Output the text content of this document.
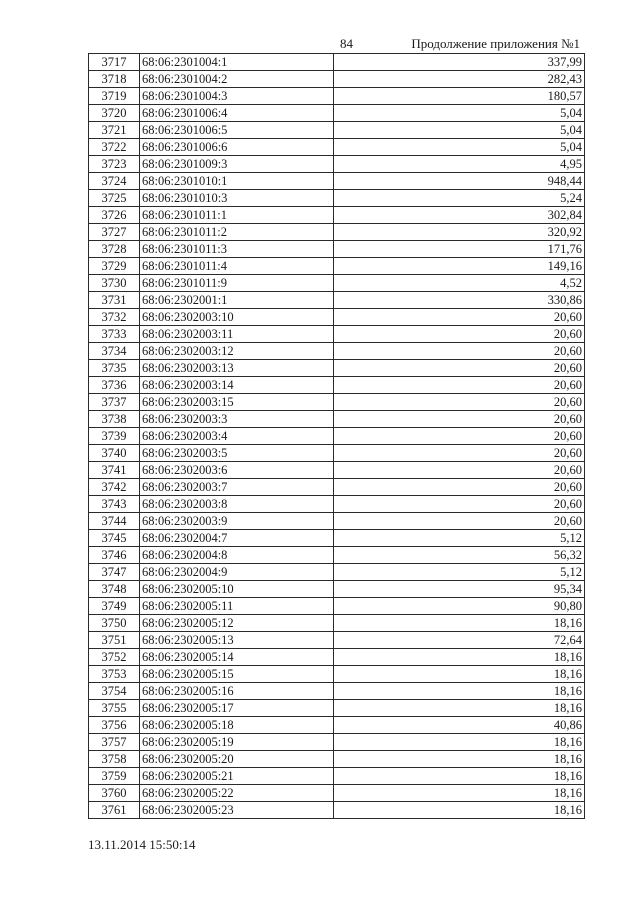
84	Продолжение приложения №1
3717	68:06:2301004:1	337,99
3718	68:06:2301004:2	282,43
3719	68:06:2301004:3	180,57
3720	68:06:2301006:4	5,04
3721	68:06:2301006:5	5,04
3722	68:06:2301006:6	5,04
3723	68:06:2301009:3	4,95
3724	68:06:2301010:1	948,44
3725	68:06:2301010:3	5,24
3726	68:06:2301011:1	302,84
3727	68:06:2301011:2	320,92
3728	68:06:2301011:3	171,76
3729	68:06:2301011:4	149,16
3730	68:06:2301011:9	4,52
3731	68:06:2302001:1	330,86
3732	68:06:2302003:10	20,60
3733	68:06:2302003:11	20,60
3734	68:06:2302003:12	20,60
3735	68:06:2302003:13	20,60
3736	68:06:2302003:14	20,60
3737	68:06:2302003:15	20,60
3738	68:06:2302003:3	20,60
3739	68:06:2302003:4	20,60
3740	68:06:2302003:5	20,60
3741	68:06:2302003:6	20,60
3742	68:06:2302003:7	20,60
3743	68:06:2302003:8	20,60
3744	68:06:2302003:9	20,60
3745	68:06:2302004:7	5,12
3746	68:06:2302004:8	56,32
3747	68:06:2302004:9	5,12
3748	68:06:2302005:10	95,34
3749	68:06:2302005:11	90,80
3750	68:06:2302005:12	18,16
3751	68:06:2302005:13	72,64
3752	68:06:2302005:14	18,16
3753	68:06:2302005:15	18,16
3754	68:06:2302005:16	18,16
3755	68:06:2302005:17	18,16
3756	68:06:2302005:18	40,86
3757	68:06:2302005:19	18,16
3758	68:06:2302005:20	18,16
3759	68:06:2302005:21	18,16
3760	68:06:2302005:22	18,16
3761	68:06:2302005:23	18,16
13.11.2014 15:50:14
